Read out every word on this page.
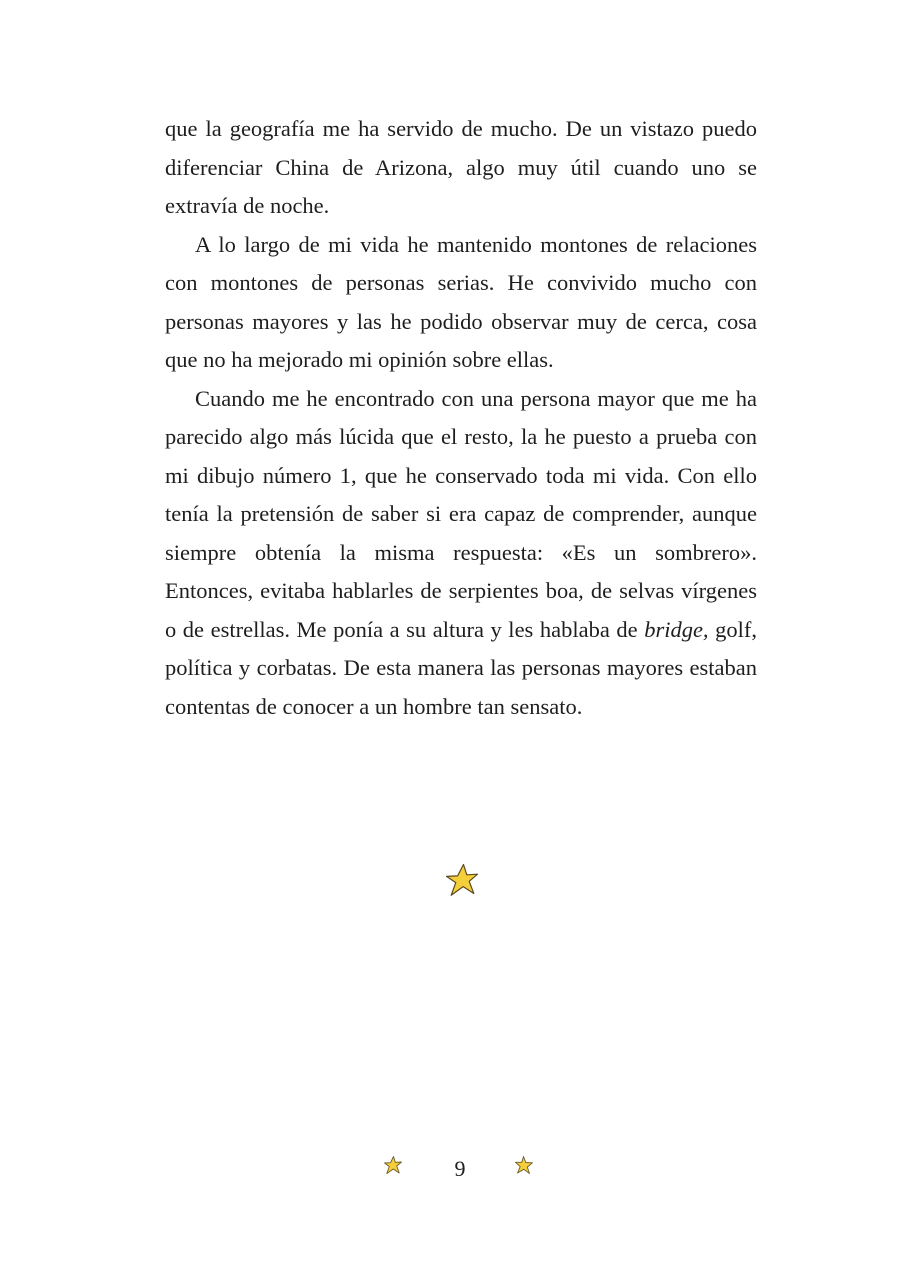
que la geografía me ha servido de mucho. De un vistazo puedo diferenciar China de Arizona, algo muy útil cuando uno se extravía de noche.

A lo largo de mi vida he mantenido montones de relaciones con montones de personas serias. He convivido mucho con personas mayores y las he podido observar muy de cerca, cosa que no ha mejorado mi opinión sobre ellas.

Cuando me he encontrado con una persona mayor que me ha parecido algo más lúcida que el resto, la he puesto a prueba con mi dibujo número 1, que he conservado toda mi vida. Con ello tenía la pretensión de saber si era capaz de comprender, aunque siempre obtenía la misma respuesta: «Es un sombrero». Entonces, evitaba hablarles de serpientes boa, de selvas vírgenes o de estrellas. Me ponía a su altura y les hablaba de bridge, golf, política y corbatas. De esta manera las personas mayores estaban contentas de conocer a un hombre tan sensato.

9
